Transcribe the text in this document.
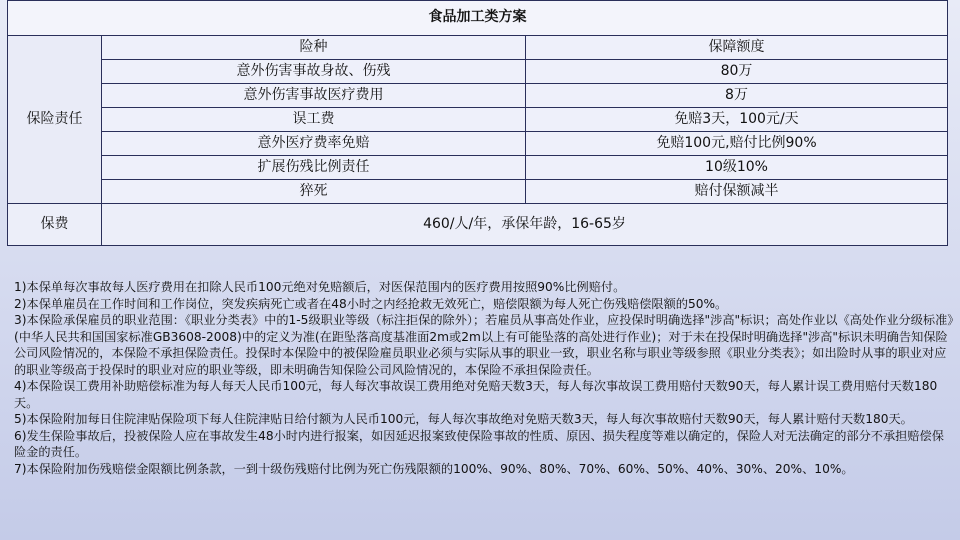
食品加工类方案		
保险责任	险种	保障额度
	意外伤害事故身故、伤残	80万
	意外伤害事故医疗费用	8万
	误工费	免赔3天，100元/天
	意外医疗费率免赔	免赔100元,赔付比例90%
	扩展伤残比例责任	10级10%
	猝死	赔付保额减半
保费	460/人/年，承保年龄，16-65岁	

1)本保单每次事故每人医疗费用在扣除人民币100元绝对免赔额后，对医保范围内的医疗费用按照90%比例赔付。

2)本保单雇员在工作时间和工作岗位，突发疾病死亡或者在48小时之内经抢救无效死亡，赔偿限额为每人死亡伤残赔偿限额的50%。

3)本保险承保雇员的职业范围：《职业分类表》中的1-5级职业等级（标注拒保的除外）；若雇员从事高处作业，应投保时明确选择"涉高"标识；高处作业以《高处作业分级标准》(中华人民共和国国家标准GB3608-2008)中的定义为准(在距坠落高度基准面2m或2m以上有可能坠落的高处进行作业)；对于未在投保时明确选择"涉高"标识未明确告知保险公司风险情况的，本保险不承担保险责任。投保时本保险中的被保险雇员职业必须与实际从事的职业一致，职业名称与职业等级参照《职业分类表》；如出险时从事的职业对应的职业等级高于投保时的职业对应的职业等级，即未明确告知保险公司风险情况的，本保险不承担保险责任。

4)本保险误工费用补助赔偿标准为每人每天人民币100元，每人每次事故误工费用绝对免赔天数3天，每人每次事故误工费用赔付天数90天，每人累计误工费用赔付天数180天。

5)本保险附加每日住院津贴保险项下每人住院津贴日给付额为人民币100元，每人每次事故绝对免赔天数3天，每人每次事故赔付天数90天，每人累计赔付天数180天。

6)发生保险事故后，投被保险人应在事故发生48小时内进行报案，如因延迟报案致使保险事故的性质、原因、损失程度等难以确定的，保险人对无法确定的部分不承担赔偿保险金的责任。

7)本保险附加伤残赔偿金限额比例条款，一到十级伤残赔付比例为死亡伤残限额的100%、90%、80%、70%、60%、50%、40%、30%、20%、10%。
